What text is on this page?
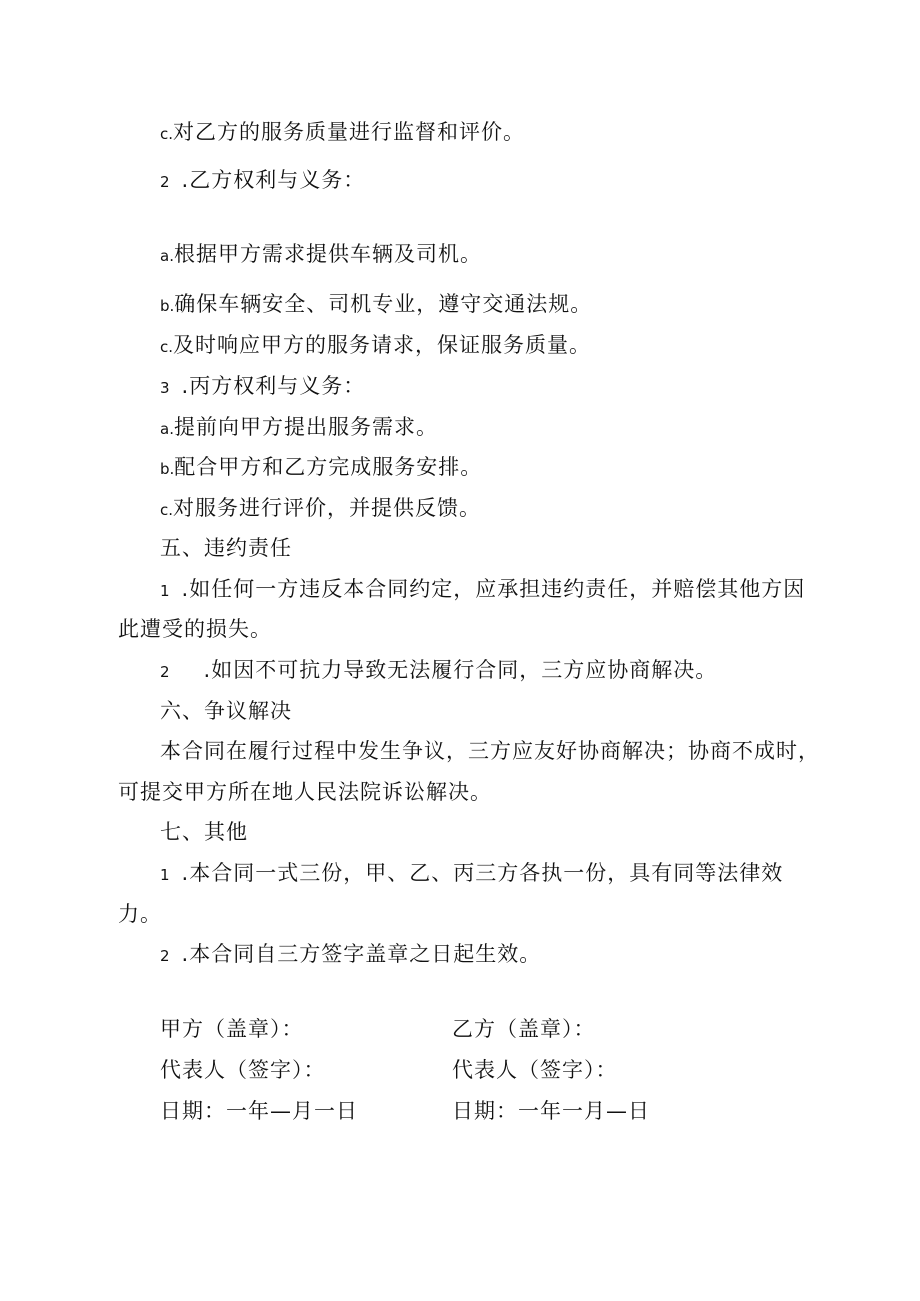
c.对乙方的服务质量进行监督和评价。
2 .乙方权利与义务：
a.根据甲方需求提供车辆及司机。
b.确保车辆安全、司机专业，遵守交通法规。
c.及时响应甲方的服务请求，保证服务质量。
3 .丙方权利与义务：
a.提前向甲方提出服务需求。
b.配合甲方和乙方完成服务安排。
c.对服务进行评价，并提供反馈。
五、违约责任
1 .如任何一方违反本合同约定，应承担违约责任，并赔偿其他方因
此遭受的损失。
2 .如因不可抗力导致无法履行合同，三方应协商解决。
六、争议解决
本合同在履行过程中发生争议，三方应友好协商解决；协商不成时，
可提交甲方所在地人民法院诉讼解决。
七、其他
1 .本合同一式三份，甲、乙、丙三方各执一份，具有同等法律效
力。
2 .本合同自三方签字盖章之日起生效。
甲方（盖章）：	乙方（盖章）：
代表人（签字）：	代表人（签字）：
日期：一年—月一日	日期：一年一月—日
